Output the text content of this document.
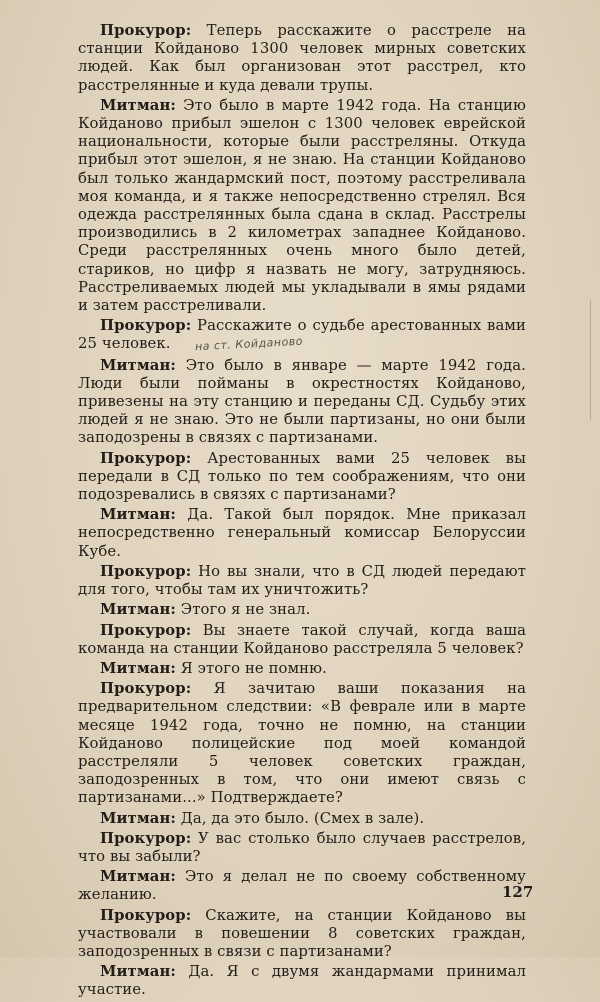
Прокурор: Теперь расскажите о расстреле на станции Койданово 1300 человек мирных советских людей. Как был организован этот расстрел, кто расстрелянные и куда девали трупы.

Митман: Это было в марте 1942 года. На станцию Койданово прибыл эшелон с 1300 человек еврейской национальности, которые были расстреляны. Откуда прибыл этот эшелон, я не знаю. На станции Койданово был только жандармский пост, поэтому расстреливала моя команда, и я также непосредственно стрелял. Вся одежда расстрелянных была сдана в склад. Расстрелы производились в 2 километрах западнее Койданово. Среди расстрелянных очень много было детей, стариков, но цифр я назвать не могу, затрудняюсь. Расстреливаемых людей мы укладывали в ямы рядами и затем расстреливали.

Прокурор: Расскажите о судьбе арестованных вами 25 человек. на ст. Койданово

Митман: Это было в январе — марте 1942 года. Люди были пойманы в окрестностях Койданово, привезены на эту станцию и переданы СД. Судьбу этих людей я не знаю. Это не были партизаны, но они были заподозрены в связях с партизанами.

Прокурор: Арестованных вами 25 человек вы передали в СД только по тем соображениям, что они подозревались в связях с партизанами?

Митман: Да. Такой был порядок. Мне приказал непосредственно генеральный комиссар Белоруссии Кубе.

Прокурор: Но вы знали, что в СД людей передают для того, чтобы там их уничтожить?

Митман: Этого я не знал.

Прокурор: Вы знаете такой случай, когда ваша команда на станции Койданово расстреляла 5 человек?

Митман: Я этого не помню.

Прокурор: Я зачитаю ваши показания на предварительном следствии: «В феврале или в марте месяце 1942 года, точно не помню, на станции Койданово полицейские под моей командой расстреляли 5 человек советских граждан, заподозренных в том, что они имеют связь с партизанами...» Подтверждаете?

Митман: Да, да это было. (Смех в зале).

Прокурор: У вас столько было случаев расстрелов, что вы забыли?

Митман: Это я делал не по своему собственному желанию.

Прокурор: Скажите, на станции Койданово вы участвовали в повешении 8 советских граждан, заподозренных в связи с партизанами?

Митман: Да. Я с двумя жандармами принимал участие.

127
